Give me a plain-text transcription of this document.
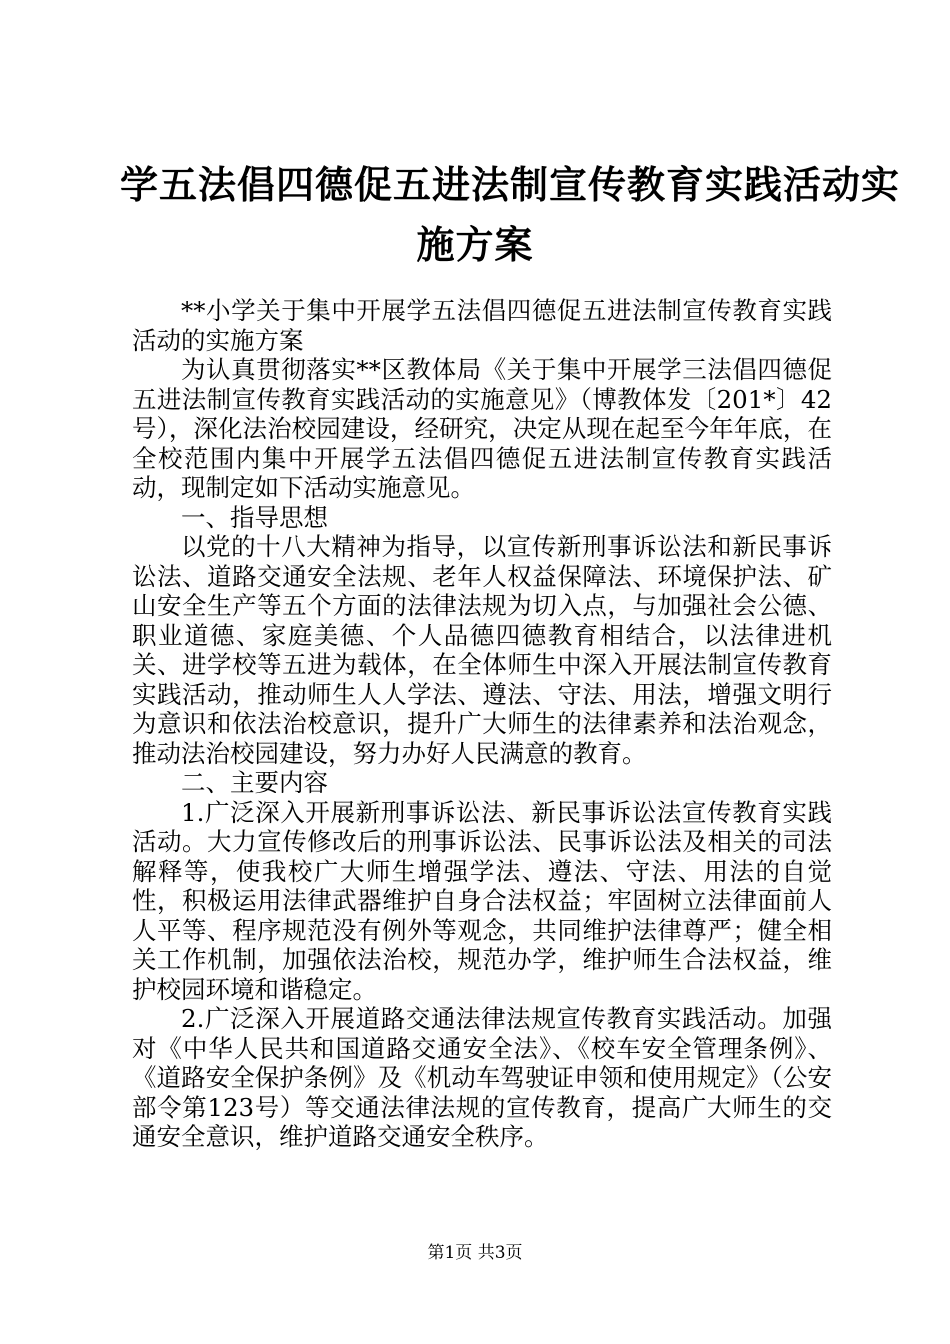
学五法倡四德促五进法制宣传教育实践活动实
施方案

**小学关于集中开展学五法倡四德促五进法制宣传教育实践活动的实施方案

为认真贯彻落实**区教体局《关于集中开展学三法倡四德促五进法制宣传教育实践活动的实施意见》（博教体发〔201*〕42号），深化法治校园建设，经研究，决定从现在起至今年年底，在全校范围内集中开展学五法倡四德促五进法制宣传教育实践活动，现制定如下活动实施意见。

一、指导思想

以党的十八大精神为指导，以宣传新刑事诉讼法和新民事诉讼法、道路交通安全法规、老年人权益保障法、环境保护法、矿山安全生产等五个方面的法律法规为切入点，与加强社会公德、职业道德、家庭美德、个人品德四德教育相结合，以法律进机关、进学校等五进为载体，在全体师生中深入开展法制宣传教育实践活动，推动师生人人学法、遵法、守法、用法，增强文明行为意识和依法治校意识，提升广大师生的法律素养和法治观念，推动法治校园建设，努力办好人民满意的教育。

二、主要内容

1.广泛深入开展新刑事诉讼法、新民事诉讼法宣传教育实践活动。大力宣传修改后的刑事诉讼法、民事诉讼法及相关的司法解释等，使我校广大师生增强学法、遵法、守法、用法的自觉性，积极运用法律武器维护自身合法权益；牢固树立法律面前人人平等、程序规范没有例外等观念，共同维护法律尊严；健全相关工作机制，加强依法治校，规范办学，维护师生合法权益，维护校园环境和谐稳定。

2.广泛深入开展道路交通法律法规宣传教育实践活动。加强对《中华人民共和国道路交通安全法》、《校车安全管理条例》、《道路安全保护条例》及《机动车驾驶证申领和使用规定》（公安部令第123号）等交通法律法规的宣传教育，提高广大师生的交通安全意识，维护道路交通安全秩序。

第1页 共3页
